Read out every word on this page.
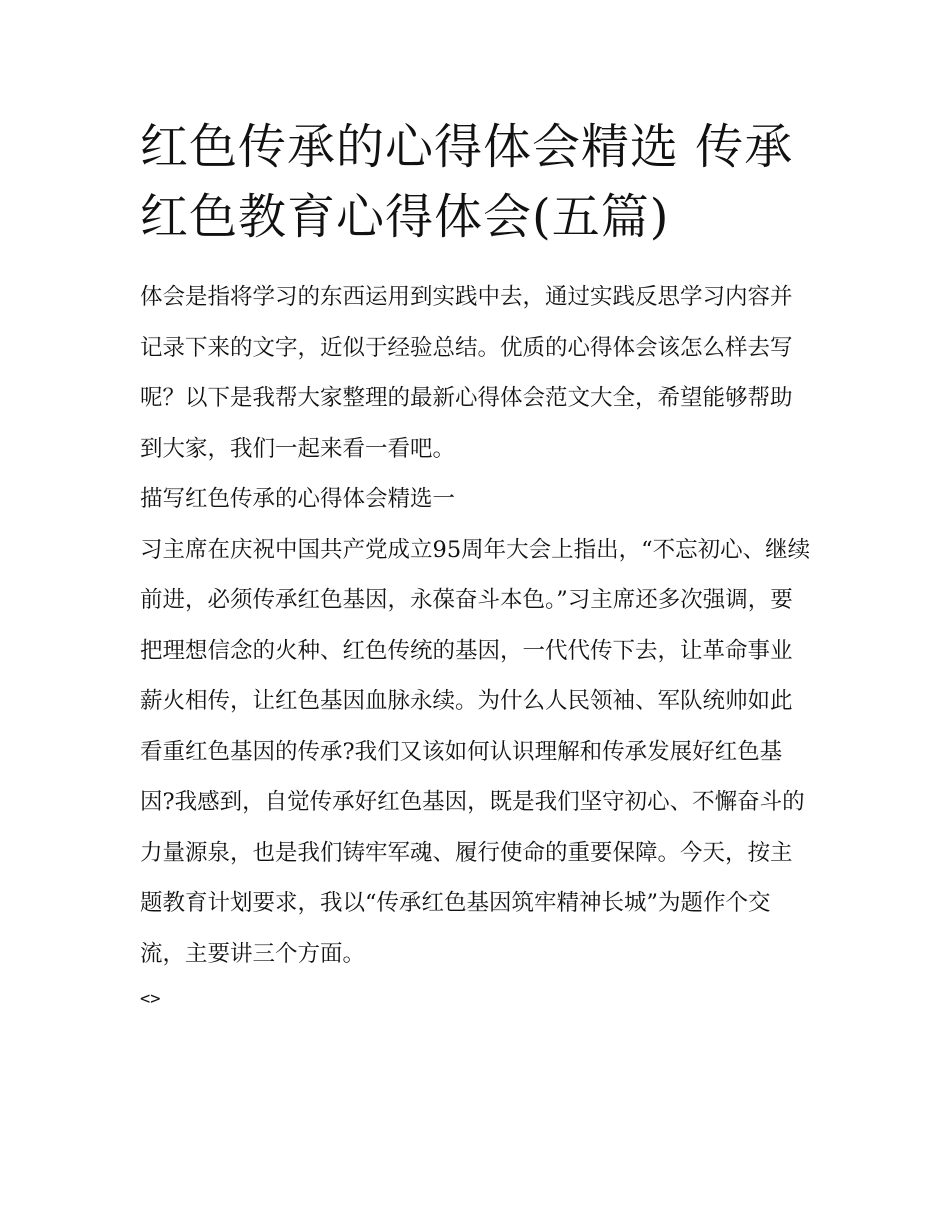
红色传承的心得体会精选 传承红色教育心得体会(五篇)

体会是指将学习的东西运用到实践中去，通过实践反思学习内容并记录下来的文字，近似于经验总结。优质的心得体会该怎么样去写呢？以下是我帮大家整理的最新心得体会范文大全，希望能够帮助到大家，我们一起来看一看吧。

描写红色传承的心得体会精选一

习主席在庆祝中国共产党成立95周年大会上指出，“不忘初心、继续前进，必须传承红色基因，永葆奋斗本色。”习主席还多次强调，要把理想信念的火种、红色传统的基因，一代代传下去，让革命事业薪火相传，让红色基因血脉永续。为什么人民领袖、军队统帅如此看重红色基因的传承?我们又该如何认识理解和传承发展好红色基因?我感到，自觉传承好红色基因，既是我们坚守初心、不懈奋斗的力量源泉，也是我们铸牢军魂、履行使命的重要保障。今天，按主题教育计划要求，我以“传承红色基因筑牢精神长城”为题作个交流，主要讲三个方面。

<>
